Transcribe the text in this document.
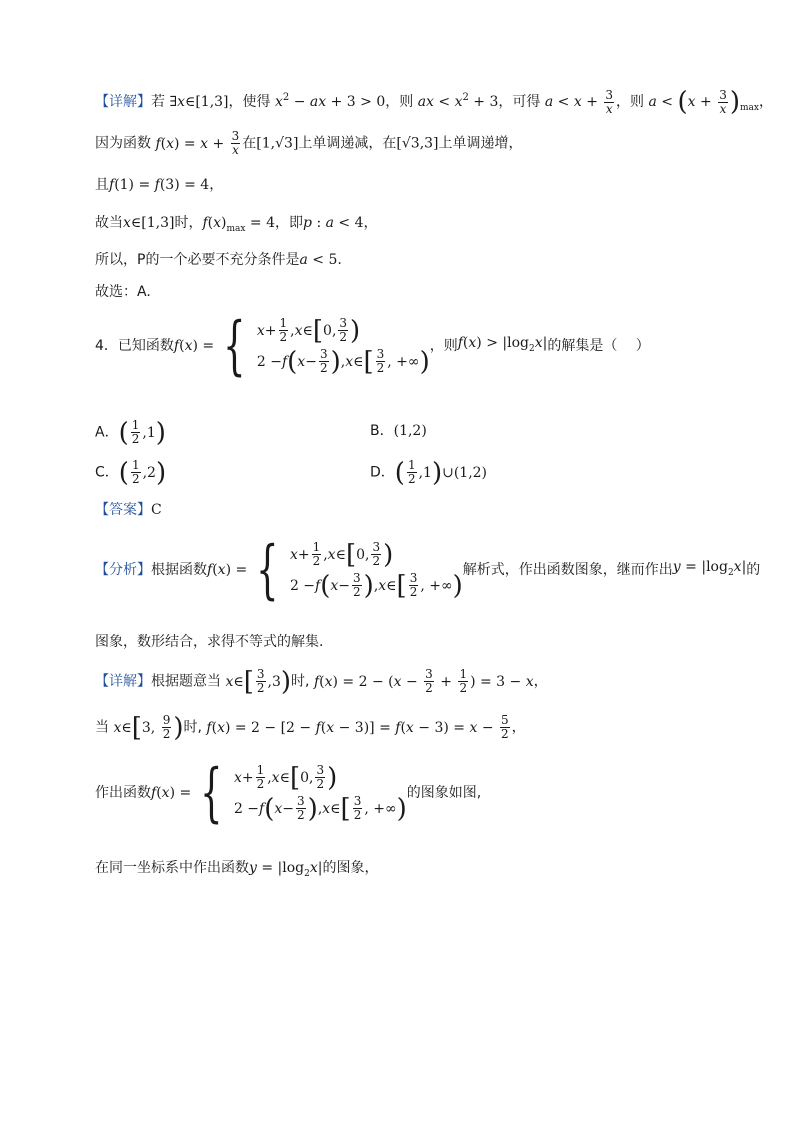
【详解】若 ∃x∈[1,3]，使得 $x^2$ − ax + 3 > 0，则 ax < $x^2 + 3$，可得 $a < x + \frac{3}{x}$ ，则 $a < (x + \frac{3}{x} )_{max}$，
因为函数 $f(x) = x + \frac{3}{x}$ 在[1,√3]上单调递减，在[√3,3]上单调递增，
且f(1) = f(3) = 4，
故当x∈[1,3]时，$f(x)_{max} = 4$，即p : a < 4，
所以，P的一个必要不充分条件是a < 5.
故选：A.
4．已知函数 f(x) = { $x + \frac{1}{2}$ , x ∈ [ 0, $\frac{3}{2}$ )
2 − f ( $x - \frac{3}{2}$ ) , x ∈ [ $\frac{3}{2}$ , +∞ )
，则 $f(x) > |\log_2x|$ 的解集是（　 ）
A．( $\frac{1}{2} ,1$)	B．(1,2)
C．( $\frac{1}{2} ,2$)	D．( $\frac{1}{2}$ ,1)∪(1,2)
【答案】C
【分析】 根据函数 f(x) = { $x + \frac{1}{2}$ , x ∈ [ 0, $\frac{3}{2}$ )
2 − f ( $x - \frac{3}{2}$ ) , x ∈ [ $\frac{3}{2}$ , +∞ )
解析式，作出函数图象，继而作出 $y = |\log_2x|$ 的
图象，数形结合，求得不等式的解集.
【详解】根据题意当 x∈[ $\frac{3}{2} ,3$)时, $f(x) = 2 - (x - \frac{3}{2} + \frac{1}{2}$ ) = 3 − x，
当 x∈[3, $\frac{9}{2}$ )时, $f(x) = 2 - [2 - f(x - 3)] = f(x - 3) = x - \frac{5}{2}$ ，
作出函数 f(x) = { $x + \frac{1}{2}$ , x ∈ [ 0, $\frac{3}{2}$ )
2 − f ( $x - \frac{3}{2}$ ) , x ∈ [ $\frac{3}{2}$ , +∞ )
的图象如图,
在同一坐标系中作出函数$y = |\log_2x|$的图象，
